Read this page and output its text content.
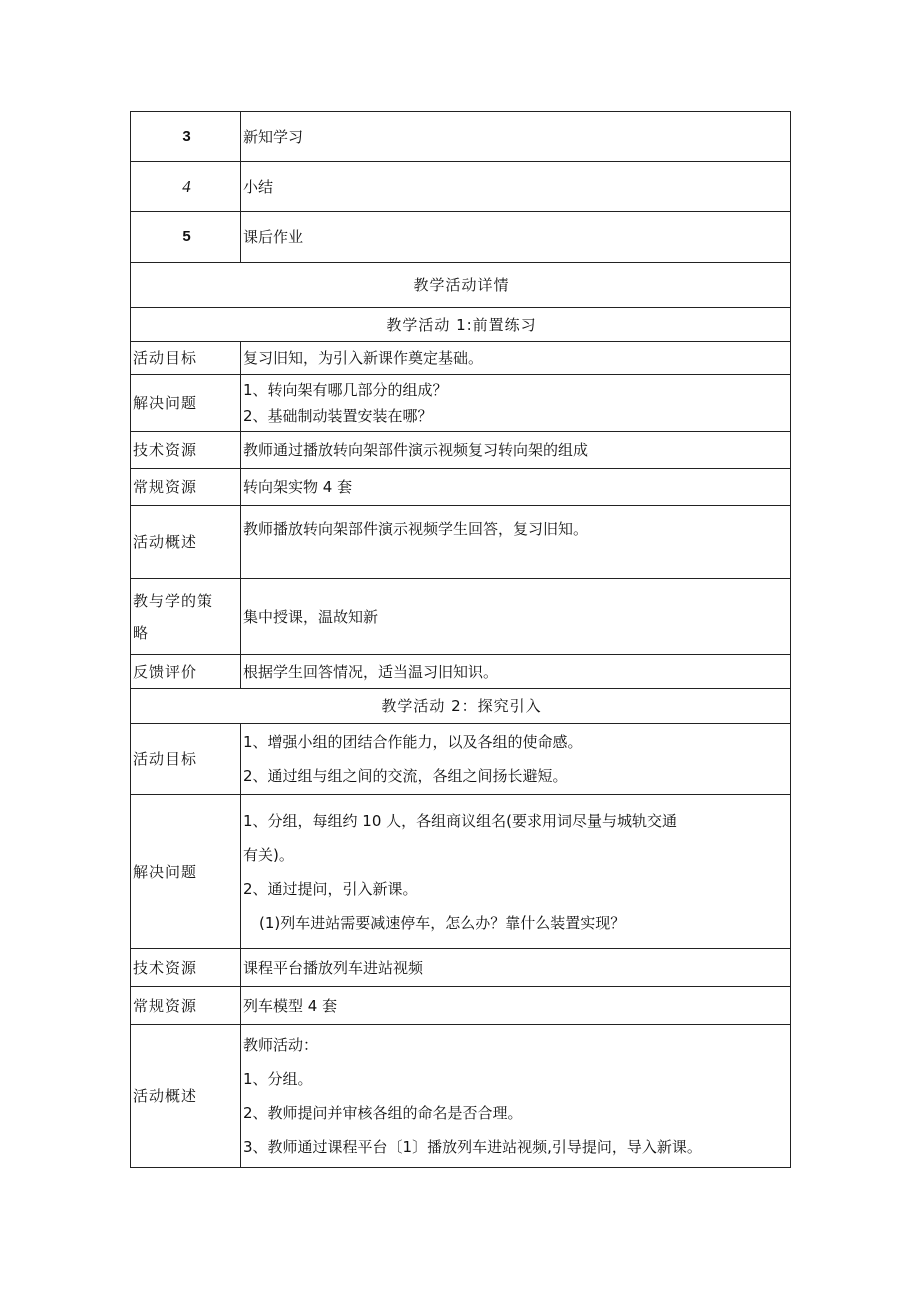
3	新知学习
4	小结
5	课后作业
教学活动详情	
教学活动 1:前置练习	
活动目标	复习旧知，为引入新课作奠定基础。
解决问题	1、转向架有哪几部分的组成？
2、基础制动装置安装在哪？

技术资源	教师通过播放转向架部件演示视频复习转向架的组成
常规资源	转向架实物 4 套
活动概述	教师播放转向架部件演示视频学生回答，复习旧知。

教与学的策
略	集中授课，温故知新
反馈评价	根据学生回答情况，适当温习旧知识。
教学活动 2：探究引入	
活动目标	1、增强小组的团结合作能力，以及各组的使命感。
2、通过组与组之间的交流，各组之间扬长避短。

解决问题	1、分组，每组约 10 人，各组商议组名(要求用词尽量与城轨交通
有关)。
2、通过提问，引入新课。
(1)列车进站需要减速停车，怎么办？靠什么装置实现？

技术资源	课程平台播放列车进站视频
常规资源	列车模型 4 套
活动概述	教师活动：
1、分组。
2、教师提问并审核各组的命名是否合理。
3、教师通过课程平台〔1〕播放列车进站视频,引导提问，导入新课。
